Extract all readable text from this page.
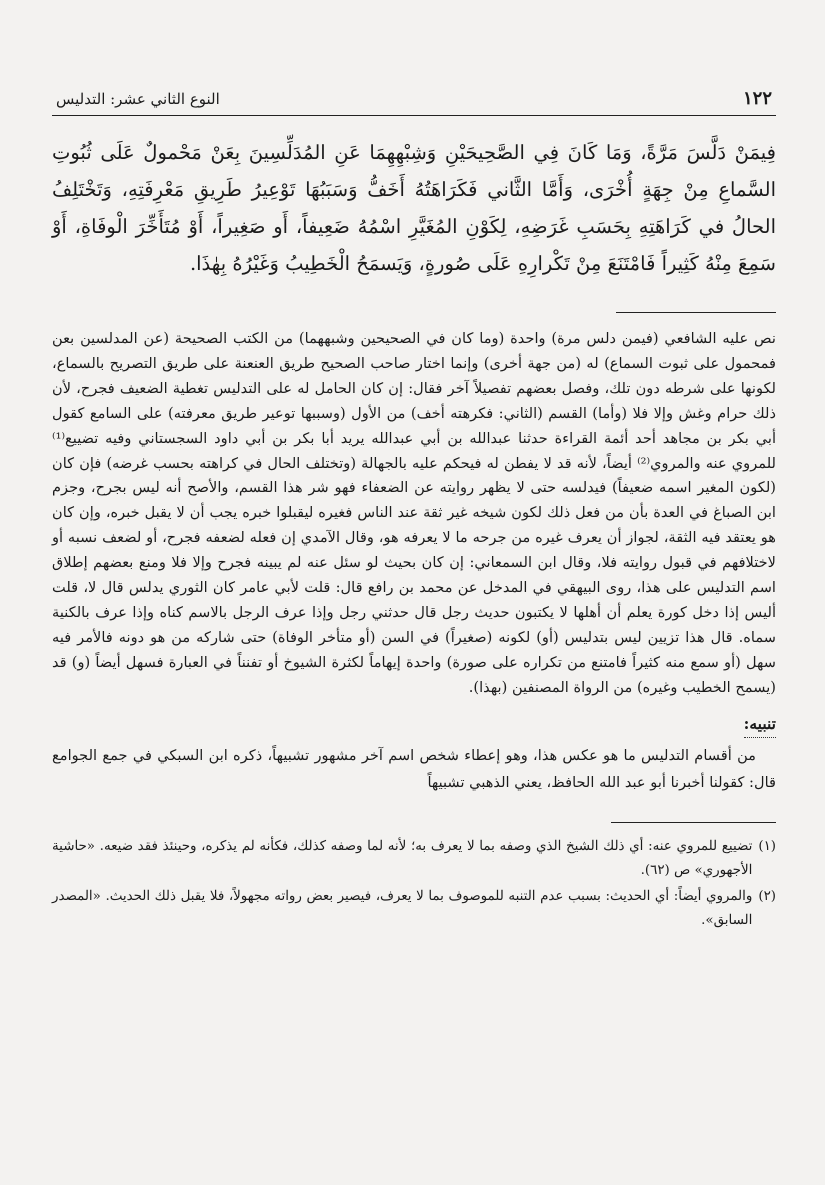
١٢٢
النوع الثاني عشر: التدليس

فِيمَنْ دَلَّسَ مَرَّةً، وَمَا كَانَ فِي الصَّحِيحَيْنِ وَشِبْهِهِمَا عَنِ المُدَلِّسِينَ بِعَنْ مَحْمولٌ عَلَى ثُبُوتِ السَّماعِ مِنْ جِهَةٍ أُخْرَى، وَأَمَّا الثَّاني فَكَرَاهَتُهُ أَخَفُّ وَسَبَبُهَا تَوْعِيرُ طَرِيقِ مَعْرِفَتِهِ، وَتَخْتَلِفُ الحالُ في كَرَاهَتِهِ بِحَسَبِ غَرَضِهِ، لِكَوْنِ المُغَيَّرِ اسْمُهُ ضَعِيفاً، أَو صَغِيراً، أَوْ مُتَأَخِّرَ الْوفَاةِ، أَوْ سَمِعَ مِنْهُ كَثِيراً فَامْتَنَعَ مِنْ تَكْرارِهِ عَلَى صُورةٍ، وَيَسمَحُ الْخَطِيبُ وَغَيْرُهُ بِهٰذَا.

نص عليه الشافعي (فيمن دلس مرة) واحدة (وما كان في الصحيحين وشبههما) من الكتب الصحيحة (عن المدلسين بعن فمحمول على ثبوت السماع) له (من جهة أخرى) وإنما اختار صاحب الصحيح طريق العنعنة على طريق التصريح بالسماع، لكونها على شرطه دون تلك، وفصل بعضهم تفصيلاً آخر فقال: إن كان الحامل له على التدليس تغطية الضعيف فجرح، لأن ذلك حرام وغش وإلا فلا (وأما) القسم (الثاني: فكرهته أخف) من الأول (وسببها توعير طريق معرفته) على السامع كقول أبي بكر بن مجاهد أحد أئمة القراءة حدثنا عبدالله بن أبي عبدالله يريد أبا بكر بن أبي داود السجستاني وفيه تضييع⁽¹⁾ للمروي عنه والمروي⁽²⁾ أيضاً، لأنه قد لا يفطن له فيحكم عليه بالجهالة (وتختلف الحال في كراهته بحسب غرضه) فإن كان (لكون المغير اسمه ضعيفاً) فيدلسه حتى لا يظهر روايته عن الضعفاء فهو شر هذا القسم، والأصح أنه ليس بجرح، وجزم ابن الصباغ في العدة بأن من فعل ذلك لكون شيخه غير ثقة عند الناس فغيره ليقبلوا خبره يجب أن لا يقبل خبره، وإن كان هو يعتقد فيه الثقة، لجواز أن يعرف غيره من جرحه ما لا يعرفه هو، وقال الآمدي إن فعله لضعفه فجرح، أو لضعف نسبه أو لاختلافهم في قبول روايته فلا، وقال ابن السمعاني: إن كان بحيث لو سئل عنه لم يبينه فجرح وإلا فلا ومنع بعضهم إطلاق اسم التدليس على هذا، روى البيهقي في المدخل عن محمد بن رافع قال: قلت لأبي عامر كان الثوري يدلس قال لا، قلت أليس إذا دخل كورة يعلم أن أهلها لا يكتبون حديث رجل قال حدثني رجل وإذا عرف الرجل بالاسم كناه وإذا عرف بالكنية سماه. قال هذا تزيين ليس بتدليس (أو) لكونه (صغيراً) في السن (أو متأخر الوفاة) حتى شاركه من هو دونه فالأمر فيه سهل (أو سمع منه كثيراً فامتنع من تكراره على صورة) واحدة إيهاماً لكثرة الشيوخ أو تفنناً في العبارة فسهل أيضاً (و) قد (يسمح الخطيب وغيره) من الرواة المصنفين (بهذا).

تنبيه:

من أقسام التدليس ما هو عكس هذا، وهو إعطاء شخص اسم آخر مشهور تشبيهاً، ذكره ابن السبكي في جمع الجوامع قال: كقولنا أخبرنا أبو عبد الله الحافظ، يعني الذهبي تشبيهاً

(١)
تضييع للمروي عنه: أي ذلك الشيخ الذي وصفه بما لا يعرف به؛ لأنه لما وصفه كذلك، فكأنه لم يذكره، وحينئذ فقد ضيعه. «حاشية الأجهوري» ص (٦٢).
(٢)
والمروي أيضاً: أي الحديث: بسبب عدم التنبه للموصوف بما لا يعرف، فيصير بعض رواته مجهولاً، فلا يقبل ذلك الحديث. «المصدر السابق».
